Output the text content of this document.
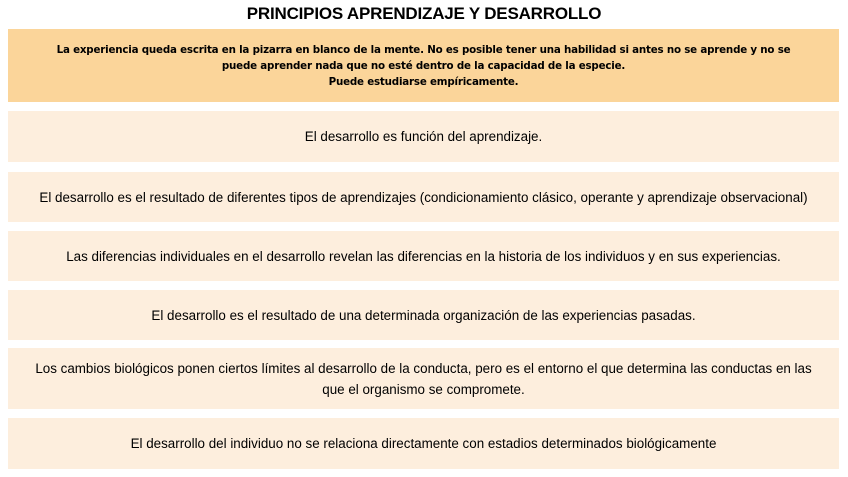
PRINCIPIOS APRENDIZAJE Y DESARROLLO
La experiencia queda escrita en la pizarra en blanco de la mente. No es posible tener una habilidad si antes no se aprende y no se
puede aprender nada que no esté dentro de la capacidad de la especie.
Puede estudiarse empíricamente.
El desarrollo es función del aprendizaje.
El desarrollo es el resultado de diferentes tipos de aprendizajes (condicionamiento clásico, operante y aprendizaje observacional)
Las diferencias individuales en el desarrollo revelan las diferencias en la historia de los individuos y en sus experiencias.
El desarrollo es el resultado de una determinada organización de las experiencias pasadas.
Los cambios biológicos ponen ciertos límites al desarrollo de la conducta, pero es el entorno el que determina las conductas en las que el organismo se compromete.
El desarrollo del individuo no se relaciona directamente con estadios determinados biológicamente
